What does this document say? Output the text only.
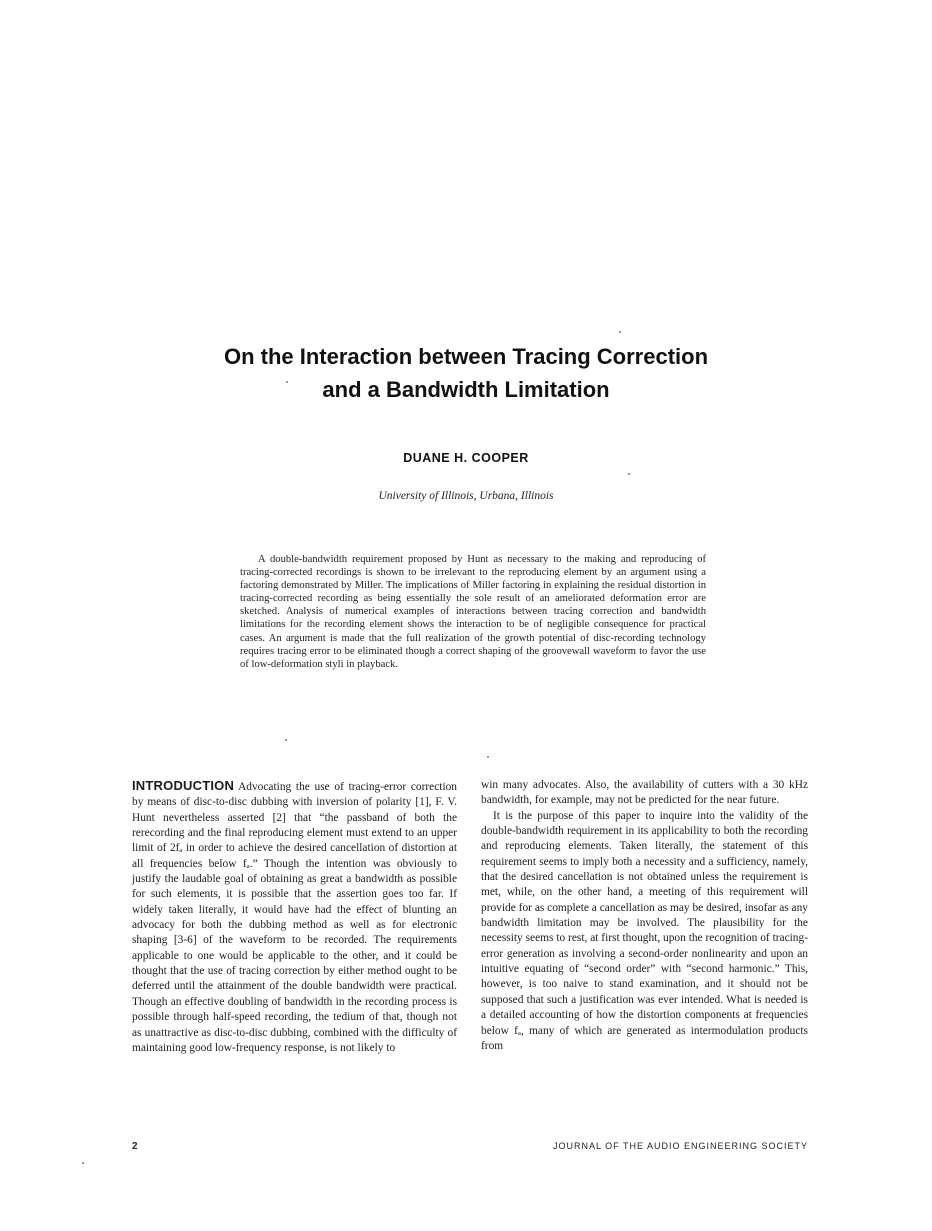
On the Interaction between Tracing Correction
and a Bandwidth Limitation
DUANE H. COOPER
University of Illinois, Urbana, Illinois
A double-bandwidth requirement proposed by Hunt as necessary to the making and reproducing of tracing-corrected recordings is shown to be irrelevant to the reproducing element by an argument using a factoring demonstrated by Miller. The implications of Miller factoring in explaining the residual distortion in tracing-corrected recording as being essentially the sole result of an ameliorated deformation error are sketched. Analysis of numerical examples of interactions between tracing correction and bandwidth limitations for the recording element shows the interaction to be of negligible consequence for practical cases. An argument is made that the full realization of the growth potential of disc-recording technology requires tracing error to be eliminated though a correct shaping of the groovewall waveform to favor the use of low-deformation styli in playback.

INTRODUCTION Advocating the use of tracing-error correction by means of disc-to-disc dubbing with inversion of polarity [1], F. V. Hunt nevertheless asserted [2] that “the passband of both the rerecording and the final reproducing element must extend to an upper limit of 2fₐ in order to achieve the desired cancellation of distortion at all frequencies below fₐ.” Though the intention was obviously to justify the laudable goal of obtaining as great a bandwidth as possible for such elements, it is possible that the assertion goes too far. If widely taken literally, it would have had the effect of blunting an advocacy for both the dubbing method as well as for electronic shaping [3-6] of the waveform to be recorded. The requirements applicable to one would be applicable to the other, and it could be thought that the use of tracing correction by either method ought to be deferred until the attainment of the double bandwidth were practical. Though an effective doubling of bandwidth in the recording process is possible through half-speed recording, the tedium of that, though not as unattractive as disc-to-disc dubbing, combined with the difficulty of maintaining good low-frequency response, is not likely to

win many advocates. Also, the availability of cutters with a 30 kHz bandwidth, for example, may not be predicted for the near future.

It is the purpose of this paper to inquire into the validity of the double-bandwidth requirement in its applicability to both the recording and reproducing elements. Taken literally, the statement of this requirement seems to imply both a necessity and a sufficiency, namely, that the desired cancellation is not obtained unless the requirement is met, while, on the other hand, a meeting of this requirement will provide for as complete a cancellation as may be desired, insofar as any bandwidth limitation may be involved. The plausibility for the necessity seems to rest, at first thought, upon the recognition of tracing-error generation as involving a second-order nonlinearity and upon an intuitive equating of “second order” with “second harmonic.” This, however, is too naive to stand examination, and it should not be supposed that such a justification was ever intended. What is needed is a detailed accounting of how the distortion components at frequencies below fₐ, many of which are generated as intermodulation products from

2	JOURNAL OF THE AUDIO ENGINEERING SOCIETY
